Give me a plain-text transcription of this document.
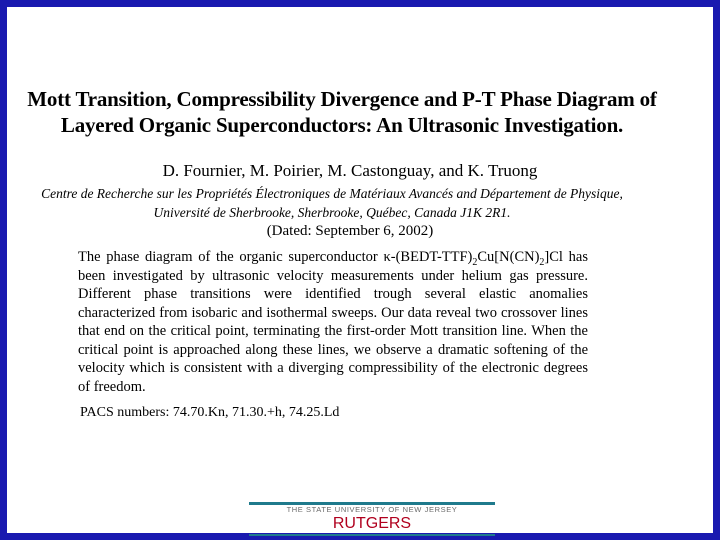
Mott Transition, Compressibility Divergence and P-T Phase Diagram of Layered Organic Superconductors: An Ultrasonic Investigation.
D. Fournier, M. Poirier, M. Castonguay, and K. Truong
Centre de Recherche sur les Propriétés Électroniques de Matériaux Avancés and Département de Physique, Université de Sherbrooke, Sherbrooke, Québec, Canada J1K 2R1.
(Dated: September 6, 2002)
The phase diagram of the organic superconductor $\kappa-(BEDT-TTF)_2Cu[N(CN)_2]Cl$ has been investigated by ultrasonic velocity measurements under helium gas pressure. Different phase transitions were identified trough several elastic anomalies characterized from isobaric and isothermal sweeps. Our data reveal two crossover lines that end on the critical point, terminating the first-order Mott transition line. When the critical point is approached along these lines, we observe a dramatic softening of the velocity which is consistent with a diverging compressibility of the electronic degrees of freedom.
PACS numbers: 74.70.Kn, 71.30.+h, 74.25.Ld
THE STATE UNIVERSITY OF NEW JERSEY
RUTGERS
